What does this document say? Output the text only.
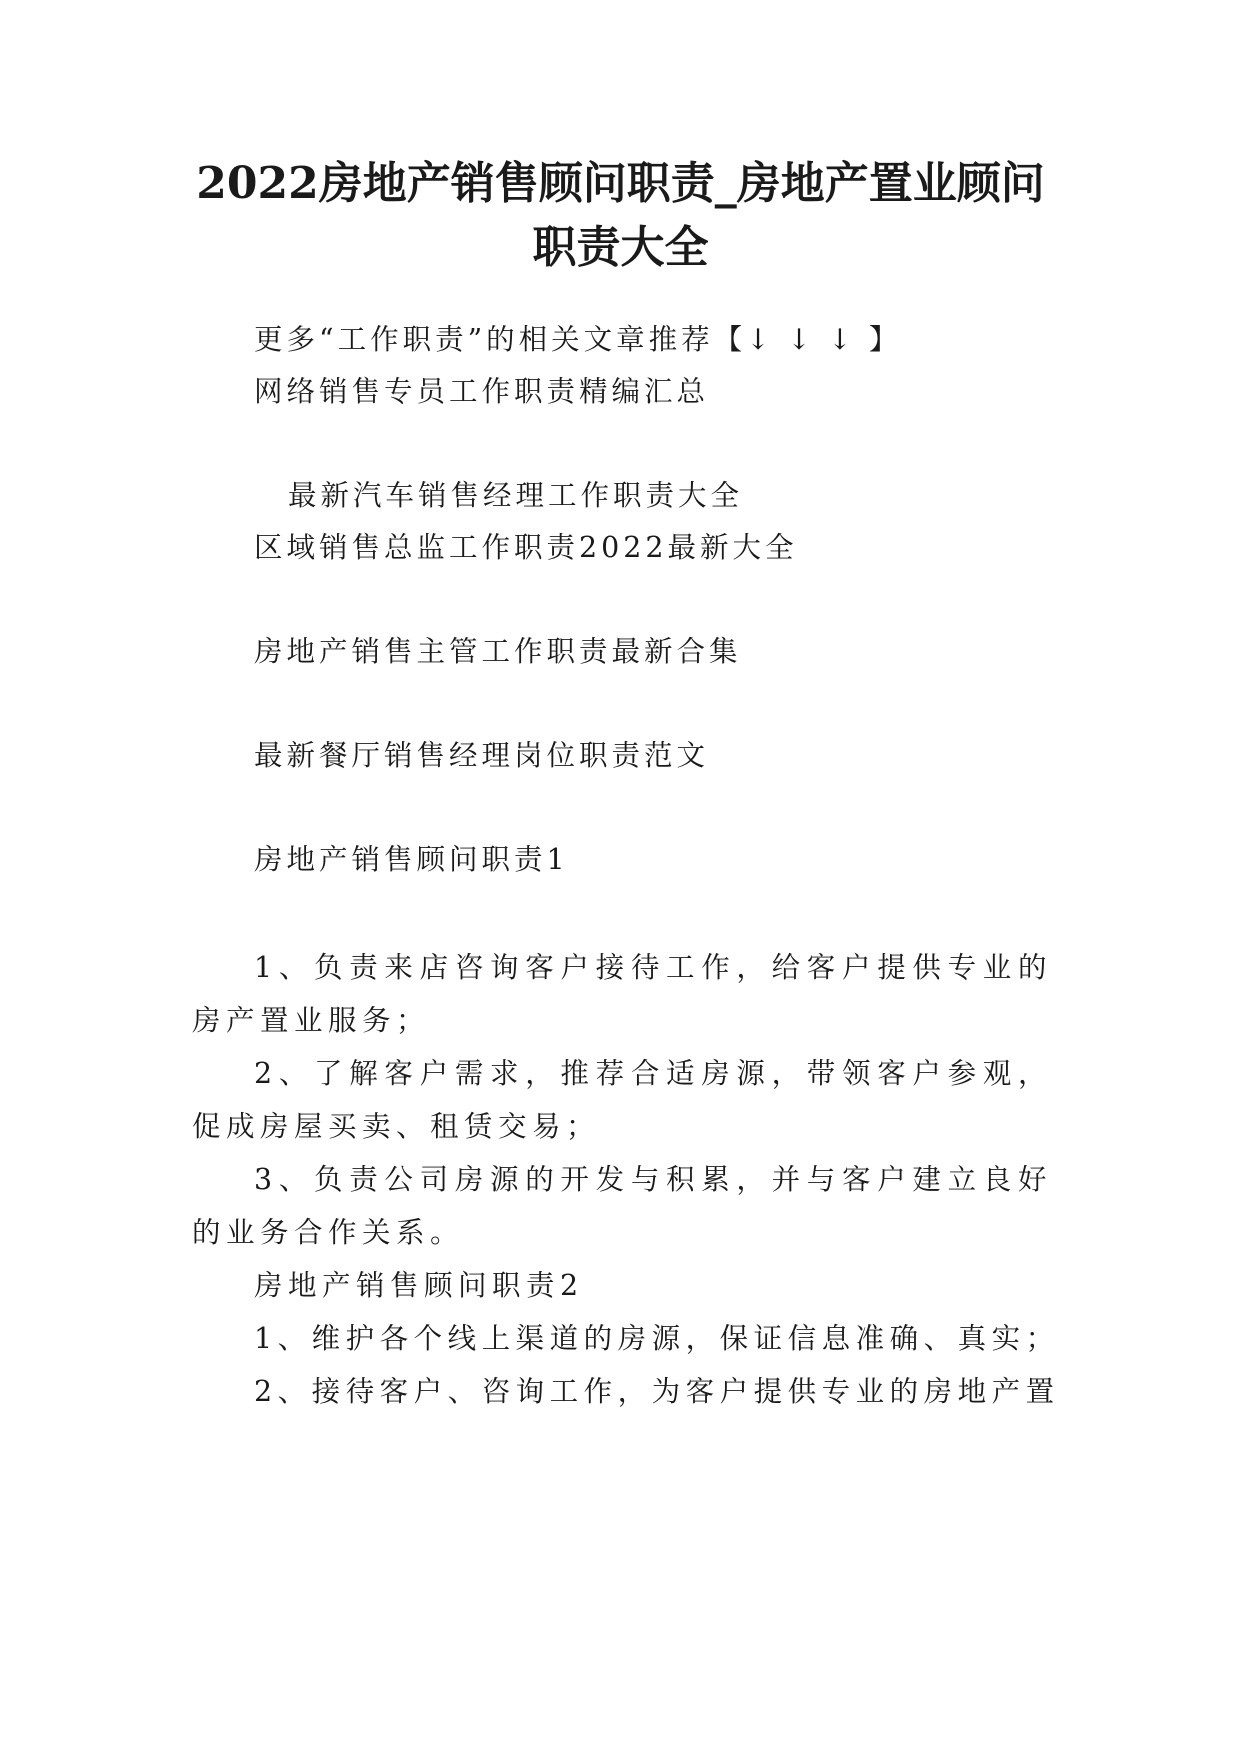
2022房地产销售顾问职责_房地产置业顾问
职责大全

更多“工作职责”的相关文章推荐【↓ ↓ ↓ 】

网络销售专员工作职责精编汇总

最新汽车销售经理工作职责大全

区域销售总监工作职责2022最新大全

房地产销售主管工作职责最新合集

最新餐厅销售经理岗位职责范文

房地产销售顾问职责1

1、负责来店咨询客户接待工作，给客户提供专业的房产置业服务；

2、了解客户需求，推荐合适房源，带领客户参观，促成房屋买卖、租赁交易；

3、负责公司房源的开发与积累，并与客户建立良好的业务合作关系。

房地产销售顾问职责2

1、维护各个线上渠道的房源，保证信息准确、真实；

2、接待客户、咨询工作，为客户提供专业的房地产置
